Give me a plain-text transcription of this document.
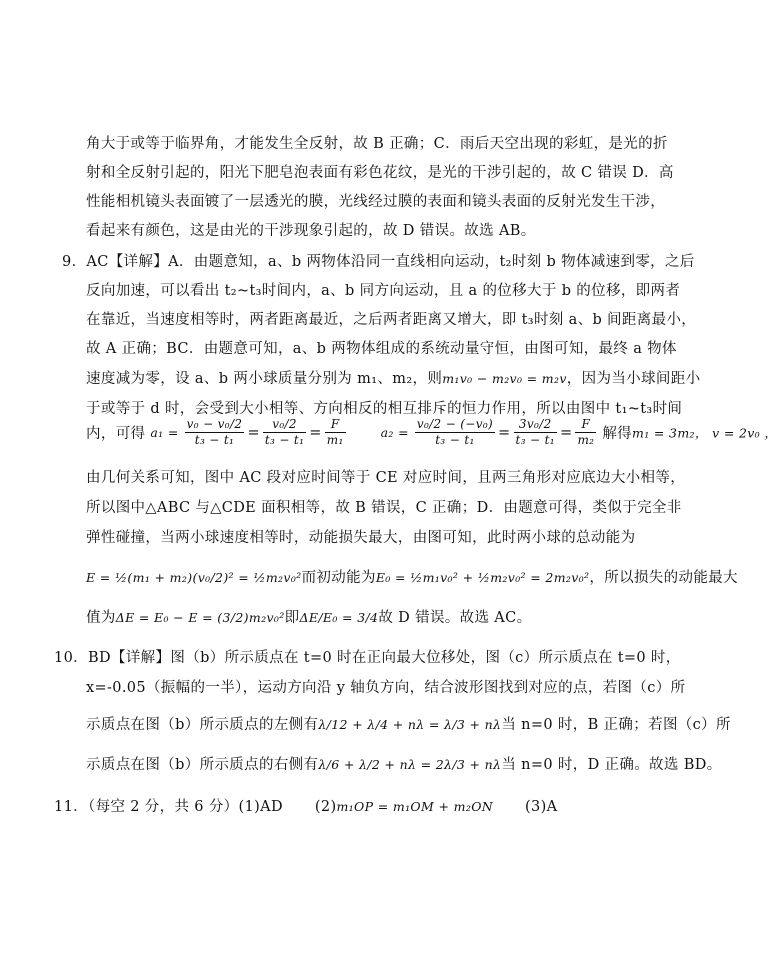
角大于或等于临界角，才能发生全反射，故 B 正确；C．雨后天空出现的彩虹，是光的折
射和全反射引起的，阳光下肥皂泡表面有彩色花纹，是光的干涉引起的，故 C 错误 D．高
性能相机镜头表面镀了一层透光的膜，光线经过膜的表面和镜头表面的反射光发生干涉，
看起来有颜色，这是由光的干涉现象引起的，故 D 错误。故选 AB。
9．AC【详解】A．由题意知，a、b 两物体沿同一直线相向运动，t₂时刻 b 物体减速到零，之后
反向加速，可以看出 t₂~t₃时间内，a、b 同方向运动，且 a 的位移大于 b 的位移，即两者
在靠近，当速度相等时，两者距离最近，之后两者距离又增大，即 t₃时刻 a、b 间距离最小，
故 A 正确；BC．由题意可知，a、b 两物体组成的系统动量守恒，由图可知，最终 a 物体
速度减为零，设 a、b 两小球质量分别为 m₁、m₂，则m₁v₀ − m₂v₀ = m₂v，因为当小球间距小
于或等于 d 时，会受到大小相等、方向相反的相互排斥的恒力作用，所以由图中 t₁~t₃时间
内，可得 $a_1 = \frac{\text{v₀ − v₀/2}}{\text{t₃ − t₁}} = \frac{\text{v₀/2}}{\text{t₃ − t₁}} = \frac{F}{\text{m₁}}$	$a_2 = \frac{\text{v₀/2 − (−v₀)}}{\text{t₃ − t₁}} = \frac{\text{3v₀/2}}{\text{t₃ − t₁}} = \frac{F}{\text{m₂}}$ 解得m₁ = 3m₂， v = 2v₀ ，
由几何关系可知，图中 AC 段对应时间等于 CE 对应时间，且两三角形对应底边大小相等，
所以图中△ABC 与△CDE 面积相等，故 B 错误，C 正确；D．由题意可得，类似于完全非
弹性碰撞，当两小球速度相等时，动能损失最大，由图可知，此时两小球的总动能为
E = ½(m₁ + m₂)(v₀/2)² = ½m₂v₀²而初动能为E₀ = ½m₁v₀² + ½m₂v₀² = 2m₂v₀²，所以损失的动能最大
值为ΔE = E₀ − E = (3/2)m₂v₀²即ΔE/E₀ = 3/4故 D 错误。故选 AC。
10．BD【详解】图（b）所示质点在 t=0 时在正向最大位移处，图（c）所示质点在 t=0 时，
x=-0.05（振幅的一半），运动方向沿 y 轴负方向，结合波形图找到对应的点，若图（c）所
示质点在图（b）所示质点的左侧有λ/12 + λ/4 + nλ = λ/3 + nλ当 n=0 时，B 正确；若图（c）所
示质点在图（b）所示质点的右侧有λ/6 + λ/2 + nλ = 2λ/3 + nλ当 n=0 时，D 正确。故选 BD。
11．（每空 2 分，共 6 分）(1)AD (2)m₁OP = m₁OM + m₂ON (3)A
